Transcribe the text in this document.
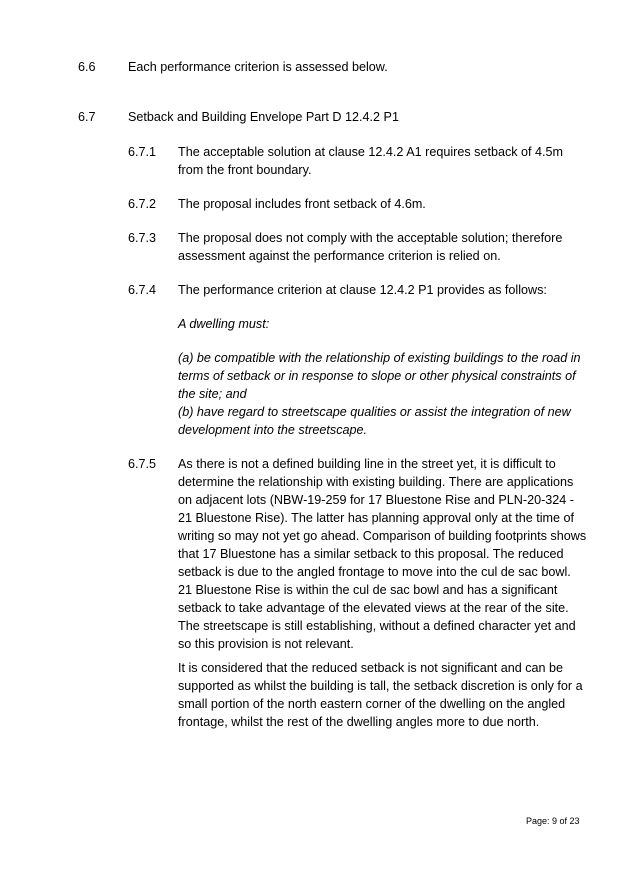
6.6	Each performance criterion is assessed below.
6.7	Setback and Building Envelope Part D 12.4.2 P1
6.7.1 The acceptable solution at clause 12.4.2 A1 requires setback of 4.5m
from the front boundary.
6.7.2 The proposal includes front setback of 4.6m.
6.7.3 The proposal does not comply with the acceptable solution; therefore
assessment against the performance criterion is relied on.
6.7.4 The performance criterion at clause 12.4.2 P1 provides as follows:
A dwelling must:
(a) be compatible with the relationship of existing buildings to the road in
terms of setback or in response to slope or other physical constraints of
the site; and
(b) have regard to streetscape qualities or assist the integration of new
development into the streetscape.
6.7.5 As there is not a defined building line in the street yet, it is difficult to
determine the relationship with existing building. There are applications
on adjacent lots (NBW-19-259 for 17 Bluestone Rise and PLN-20-324 -
21 Bluestone Rise). The latter has planning approval only at the time of
writing so may not yet go ahead. Comparison of building footprints shows
that 17 Bluestone has a similar setback to this proposal. The reduced
setback is due to the angled frontage to move into the cul de sac bowl.
21 Bluestone Rise is within the cul de sac bowl and has a significant
setback to take advantage of the elevated views at the rear of the site.
The streetscape is still establishing, without a defined character yet and
so this provision is not relevant.
It is considered that the reduced setback is not significant and can be
supported as whilst the building is tall, the setback discretion is only for a
small portion of the north eastern corner of the dwelling on the angled
frontage, whilst the rest of the dwelling angles more to due north.
Page: 9 of 23
